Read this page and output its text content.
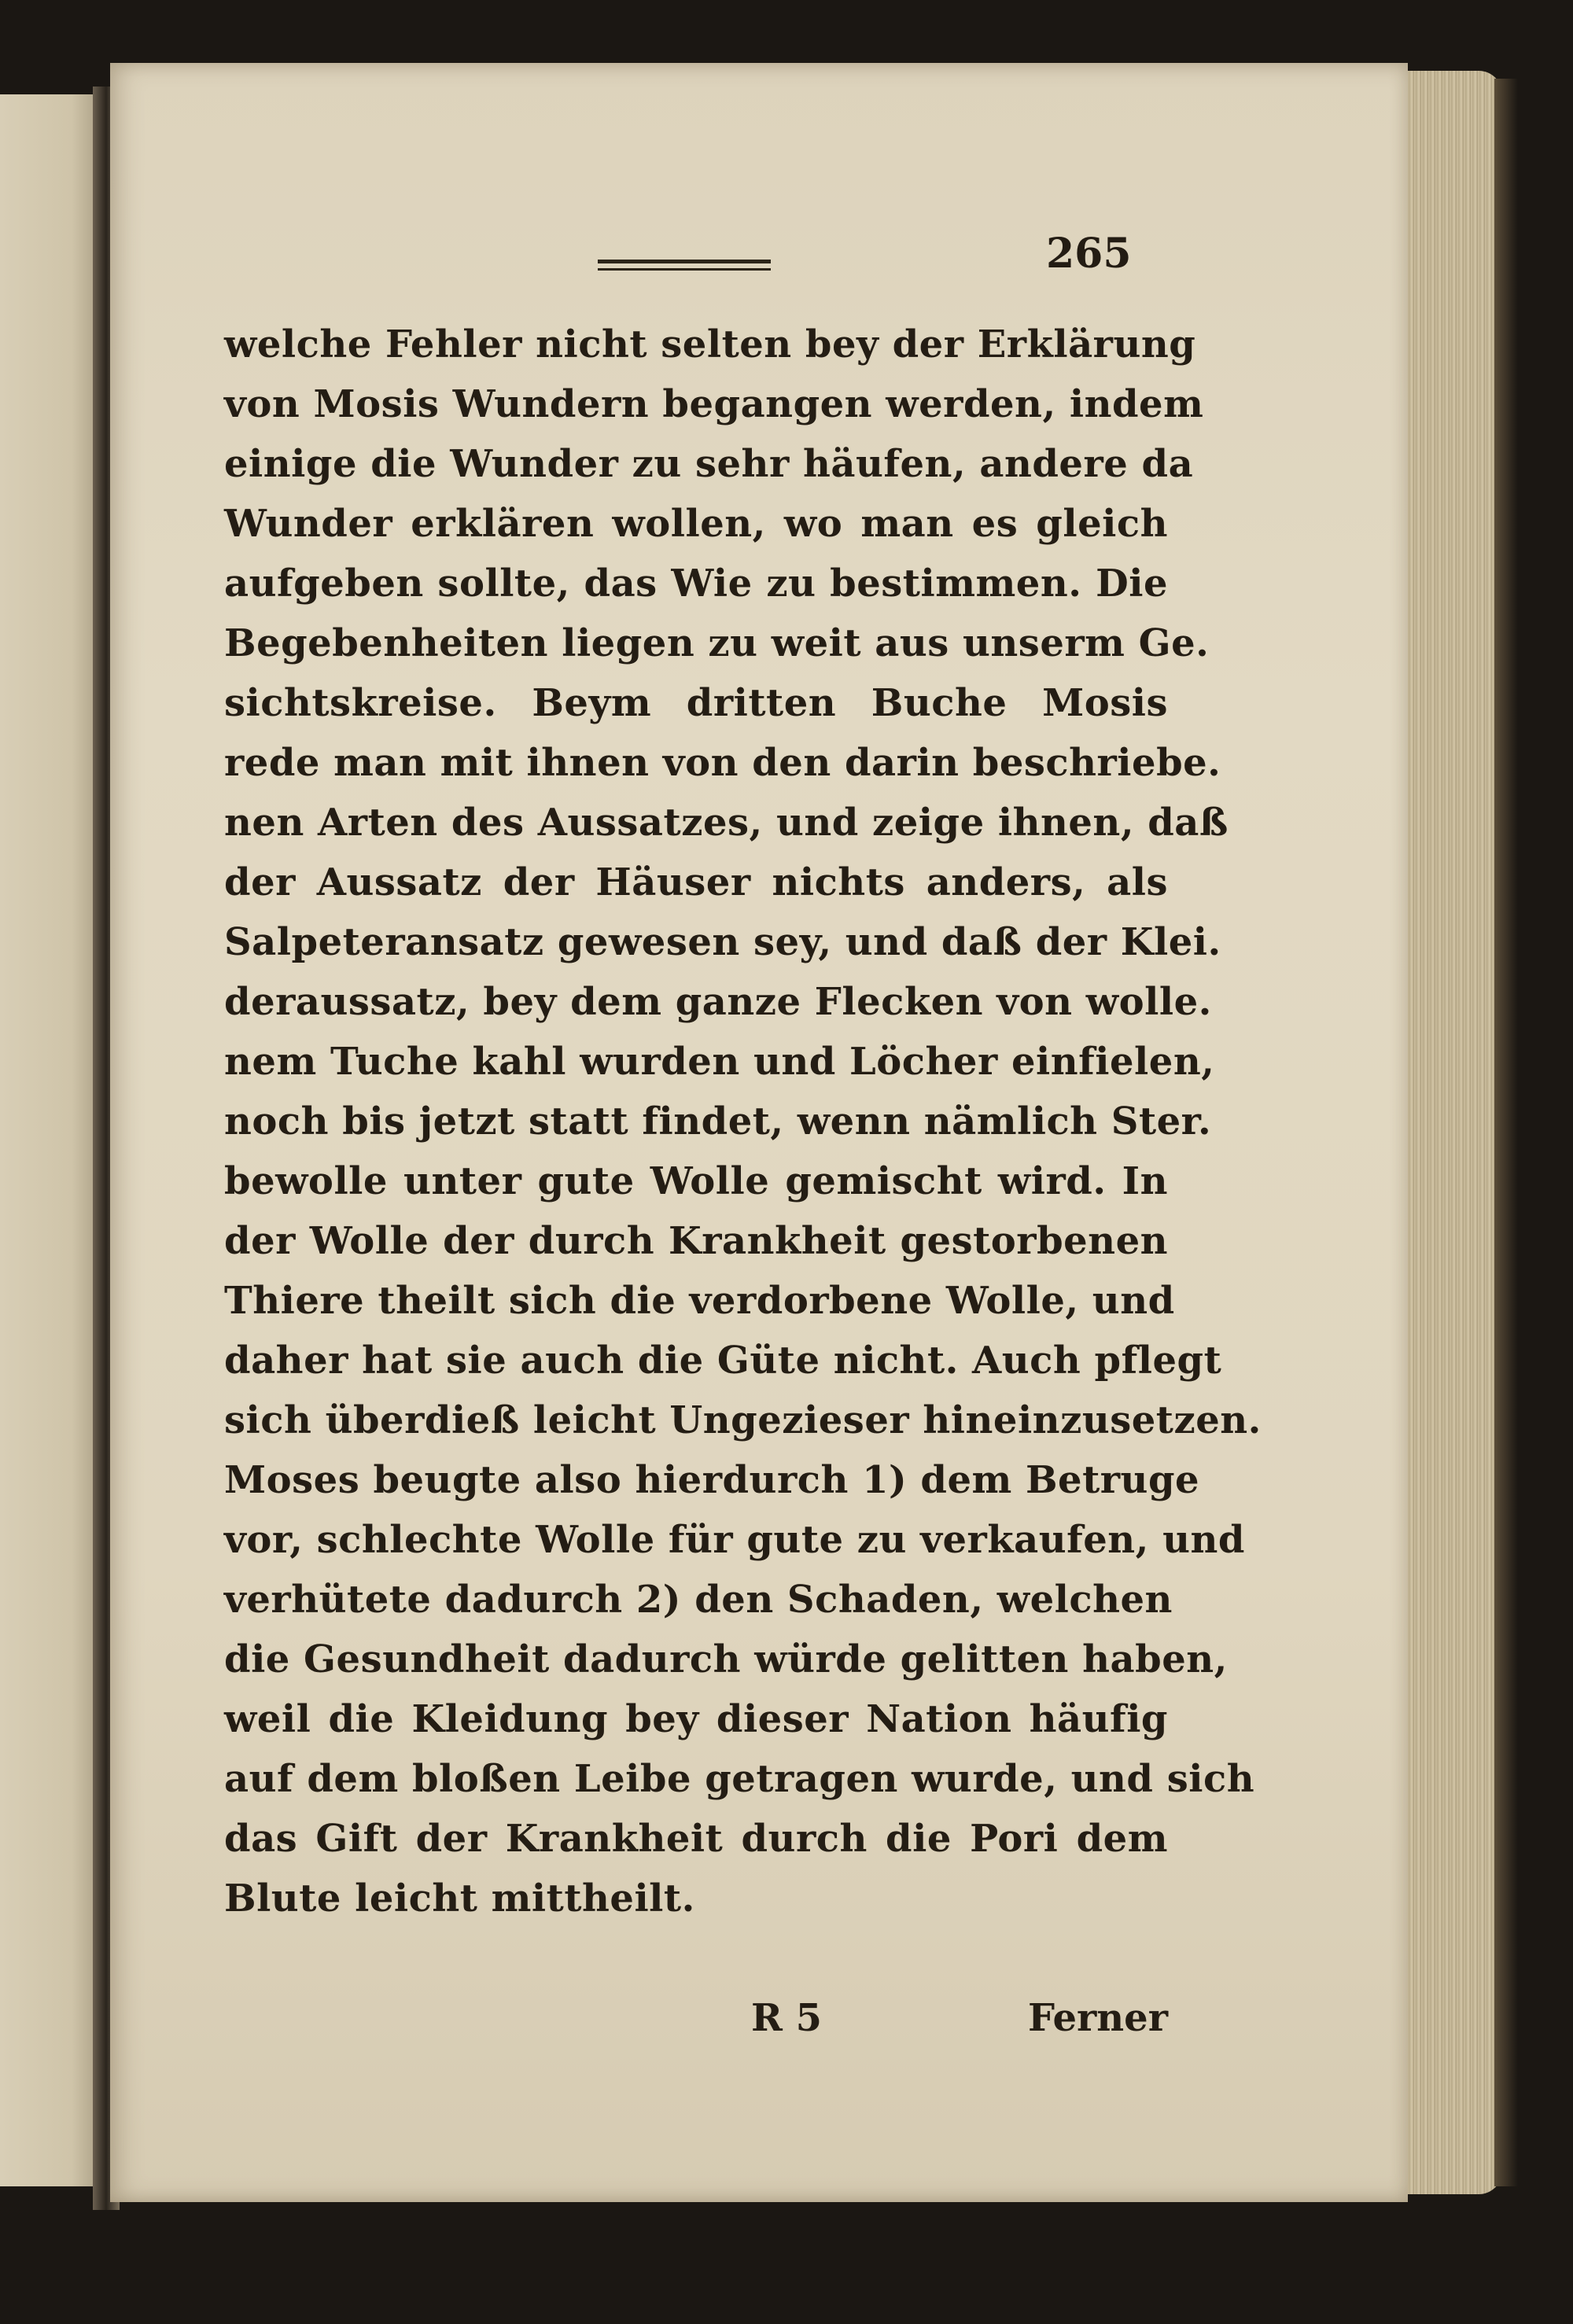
265
welche Fehler nicht selten bey der Erklärung
von Mosis Wundern begangen werden, indem
einige die Wunder zu sehr häufen, andere da
Wunder erklären wollen, wo man es gleich
aufgeben sollte, das Wie zu bestimmen. Die
Begebenheiten liegen zu weit aus unserm Ge.
sichtskreise. Beym dritten Buche Mosis
rede man mit ihnen von den darin beschriebe.
nen Arten des Aussatzes, und zeige ihnen, daß
der Aussatz der Häuser nichts anders, als
Salpeteransatz gewesen sey, und daß der Klei.
deraussatz, bey dem ganze Flecken von wolle.
nem Tuche kahl wurden und Löcher einfielen,
noch bis jetzt statt findet, wenn nämlich Ster.
bewolle unter gute Wolle gemischt wird. In
der Wolle der durch Krankheit gestorbenen
Thiere theilt sich die verdorbene Wolle, und
daher hat sie auch die Güte nicht. Auch pflegt
sich überdieß leicht Ungezieser hineinzusetzen.
Moses beugte also hierdurch 1) dem Betruge
vor, schlechte Wolle für gute zu verkaufen, und
verhütete dadurch 2) den Schaden, welchen
die Gesundheit dadurch würde gelitten haben,
weil die Kleidung bey dieser Nation häufig
auf dem bloßen Leibe getragen wurde, und sich
das Gift der Krankheit durch die Pori dem
Blute leicht mittheilt.
R 5	Ferner
